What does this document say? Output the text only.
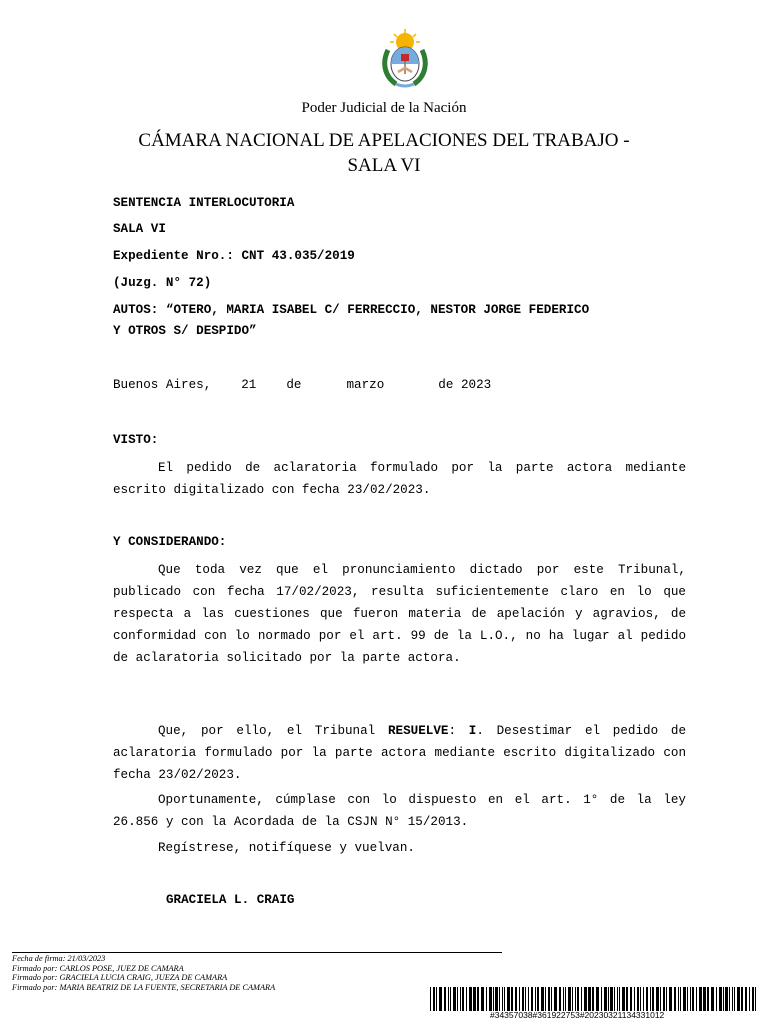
Poder Judicial de la Nación
CÁMARA NACIONAL DE APELACIONES DEL TRABAJO -
SALA VI
SENTENCIA INTERLOCUTORIA
SALA VI
Expediente Nro.: CNT 43.035/2019
(Juzg. N° 72)
AUTOS: “OTERO, MARIA ISABEL C/ FERRECCIO, NESTOR JORGE FEDERICO
Y OTROS S/ DESPIDO”
Buenos Aires, 21 de	marzo	de 2023
VISTO:
El pedido de aclaratoria formulado por la parte actora mediante escrito digitalizado con fecha 23/02/2023.
Y CONSIDERANDO:
Que toda vez que el pronunciamiento dictado por este Tribunal, publicado con fecha 17/02/2023, resulta suficientemente claro en lo que respecta a las cuestiones que fueron materia de apelación y agravios, de conformidad con lo normado por el art. 99 de la L.O., no ha lugar al pedido de aclaratoria solicitado por la parte actora.
Que, por ello, el Tribunal RESUELVE: I. Desestimar el pedido de aclaratoria formulado por la parte actora mediante escrito digitalizado con fecha 23/02/2023.
Oportunamente, cúmplase con lo dispuesto en el art. 1° de la ley 26.856 y con la Acordada de la CSJN N° 15/2013.
Regístrese, notifíquese y vuelvan.
GRACIELA L. CRAIG
Fecha de firma: 21/03/2023
Firmado por: CARLOS POSE, JUEZ DE CAMARA
Firmado por: GRACIELA LUCIA CRAIG, JUEZA DE CAMARA
Firmado por: MARIA BEATRIZ DE LA FUENTE, SECRETARIA DE CAMARA
#34357038#361922753#20230321134331012
